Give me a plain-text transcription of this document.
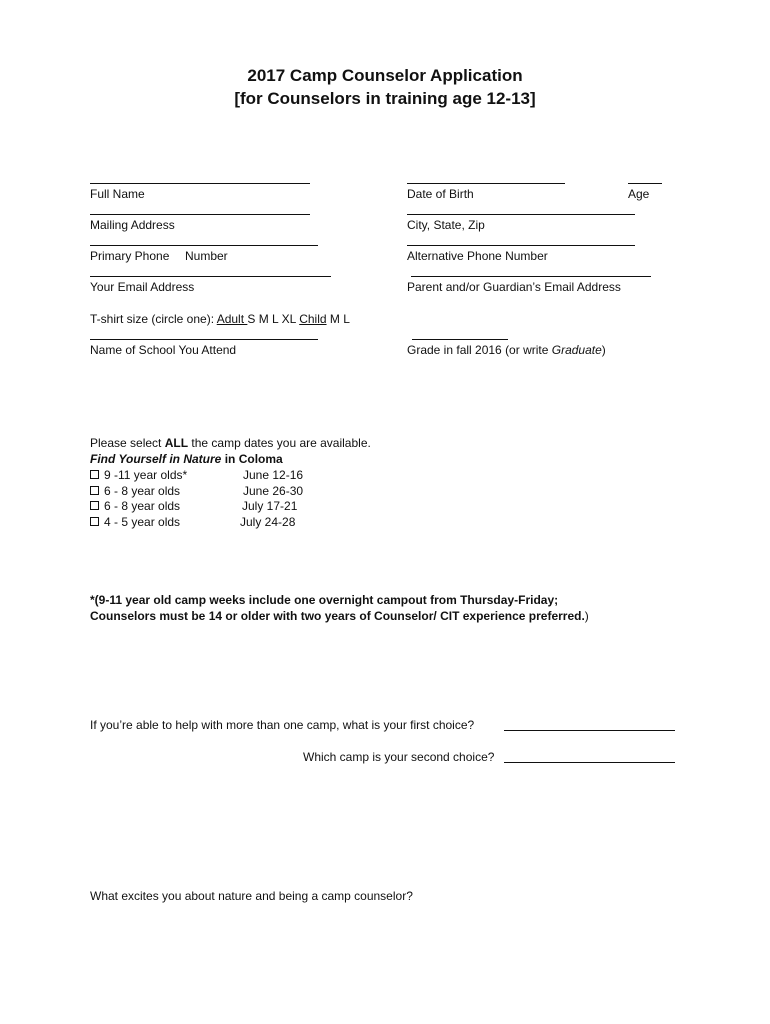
2017 Camp Counselor Application
[for Counselors in training age 12-13]
Full Name	Date of Birth	Age
Mailing Address	City, State, Zip
Primary Phone Number	Alternative Phone Number
Your Email Address	Parent and/or Guardian’s Email Address
T-shirt size (circle one): Adult S M L XL Child M L
Name of School You Attend	Grade in fall 2016 (or write Graduate)
Please select ALL the camp dates you are available.
Find Yourself in Nature in Coloma
9 -11 year olds*	June 12-16
6 - 8 year olds	June 26-30
6 - 8 year olds	July 17-21
4 - 5 year olds	July 24-28
*(9-11 year old camp weeks include one overnight campout from Thursday-Friday;
Counselors must be 14 or older with two years of Counselor/ CIT experience preferred.)
If you’re able to help with more than one camp, what is your first choice?
Which camp is your second choice?
What excites you about nature and being a camp counselor?
